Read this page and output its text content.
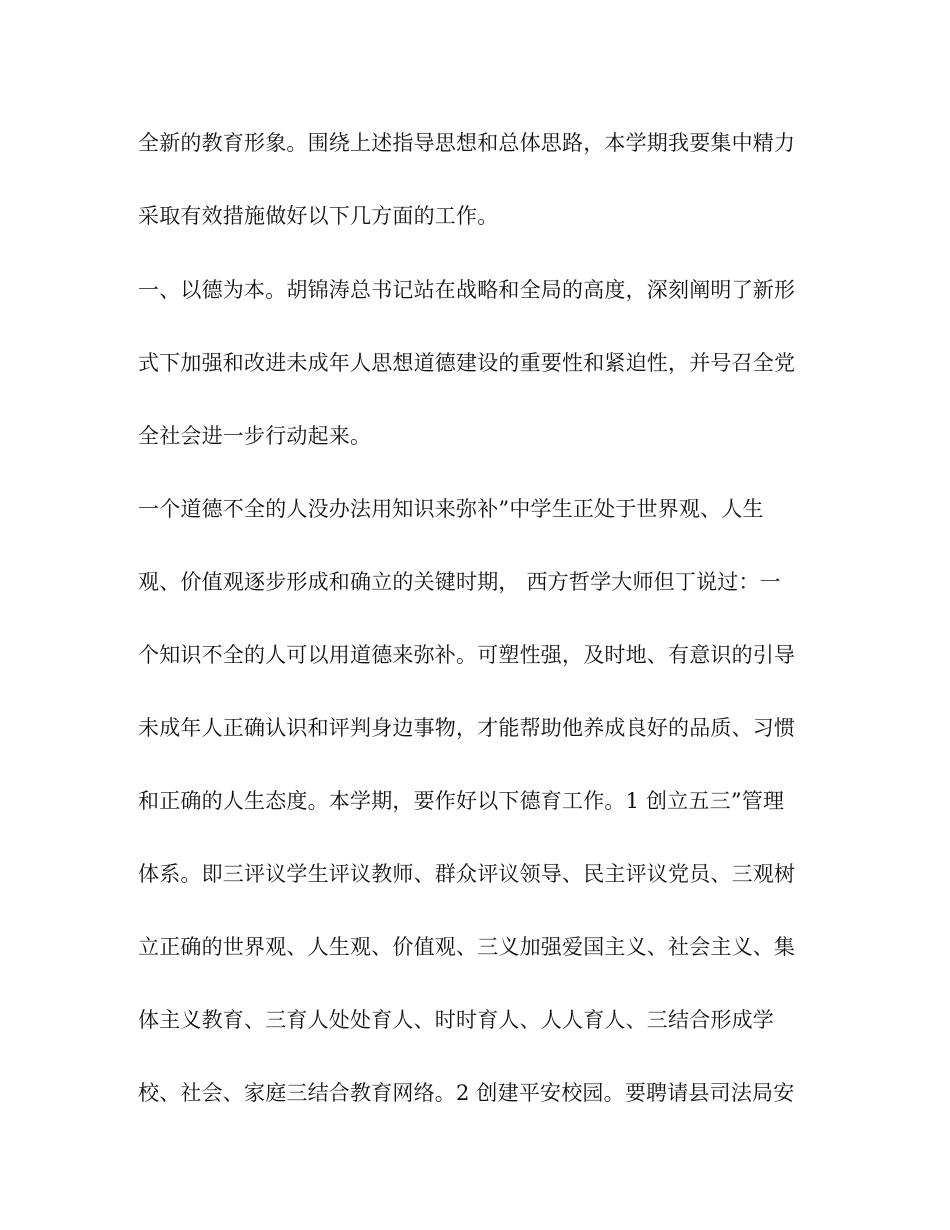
全新的教育形象。围绕上述指导思想和总体思路，本学期我要集中精力
采取有效措施做好以下几方面的工作。
一、以德为本。胡锦涛总书记站在战略和全局的高度，深刻阐明了新形
式下加强和改进未成年人思想道德建设的重要性和紧迫性，并号召全党
全社会进一步行动起来。
一个道德不全的人没办法用知识来弥补”中学生正处于世界观、人生
观、价值观逐步形成和确立的关键时期， 西方哲学大师但丁说过：一
个知识不全的人可以用道德来弥补。可塑性强，及时地、有意识的引导
未成年人正确认识和评判身边事物，才能帮助他养成良好的品质、习惯
和正确的人生态度。本学期，要作好以下德育工作。1 创立五三”管理
体系。即三评议学生评议教师、群众评议领导、民主评议党员、三观树
立正确的世界观、人生观、价值观、三义加强爱国主义、社会主义、集
体主义教育、三育人处处育人、时时育人、人人育人、三结合形成学
校、社会、家庭三结合教育网络。2 创建平安校园。要聘请县司法局安
